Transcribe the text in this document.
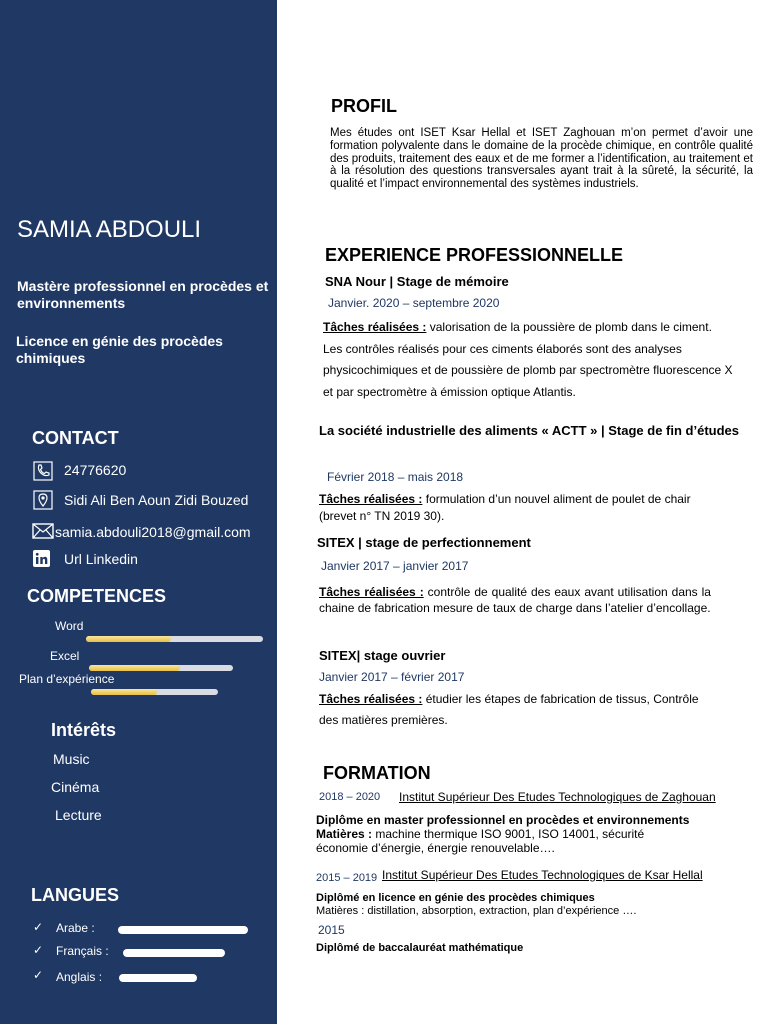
SAMIA ABDOULI
Mastère professionnel en procèdes et environnements
Licence en génie des procèdes chimiques
CONTACT
24776620
Sidi Ali Ben Aoun Zidi Bouzed
samia.abdouli2018@gmail.com
Url Linkedin
COMPETENCES
Word
Excel
Plan d’expérience
Intérêts
Music
Cinéma
Lecture
LANGUES
✓ Arabe :
✓ Français :
✓ Anglais :
PROFIL
Mes études ont ISET Ksar Hellal et ISET Zaghouan m’on permet d’avoir une formation polyvalente dans le domaine de la procède chimique, en contrôle qualité des produits, traitement des eaux et de me former a l’identification, au traitement et à la résolution des questions transversales ayant trait à la sûreté, la sécurité, la qualité et l’impact environnemental des systèmes industriels.
EXPERIENCE PROFESSIONNELLE
SNA Nour | Stage de mémoire
Janvier. 2020 – septembre 2020
Tâches réalisées : valorisation de la poussière de plomb dans le ciment. Les contrôles réalisés pour ces ciments élaborés sont des analyses physicochimiques et de poussière de plomb par spectromètre fluorescence X et par spectromètre à émission optique Atlantis.
La société industrielle des aliments « ACTT » | Stage de fin d’études
Février 2018 – mais 2018
Tâches réalisées : formulation d’un nouvel aliment de poulet de chair (brevet n° TN 2019 30).
SITEX | stage de perfectionnement
Janvier 2017 – janvier 2017
Tâches réalisées : contrôle de qualité des eaux avant utilisation dans la chaine de fabrication mesure de taux de charge dans l’atelier d’encollage.
SITEX| stage ouvrier
Janvier 2017 – février 2017
Tâches réalisées : étudier les étapes de fabrication de tissus, Contrôle des matières premières.
FORMATION
2018 – 2020 Institut Supérieur Des Etudes Technologiques de Zaghouan
Diplôme en master professionnel en procèdes et environnements
Matières : machine thermique ISO 9001, ISO 14001, sécurité économie d’énergie, énergie renouvelable….
2015 – 2019 Institut Supérieur Des Etudes Technologiques de Ksar Hellal
Diplômé en licence en génie des procèdes chimiques
Matières : distillation, absorption, extraction, plan d’expérience ….
2015
Diplômé de baccalauréat mathématique
